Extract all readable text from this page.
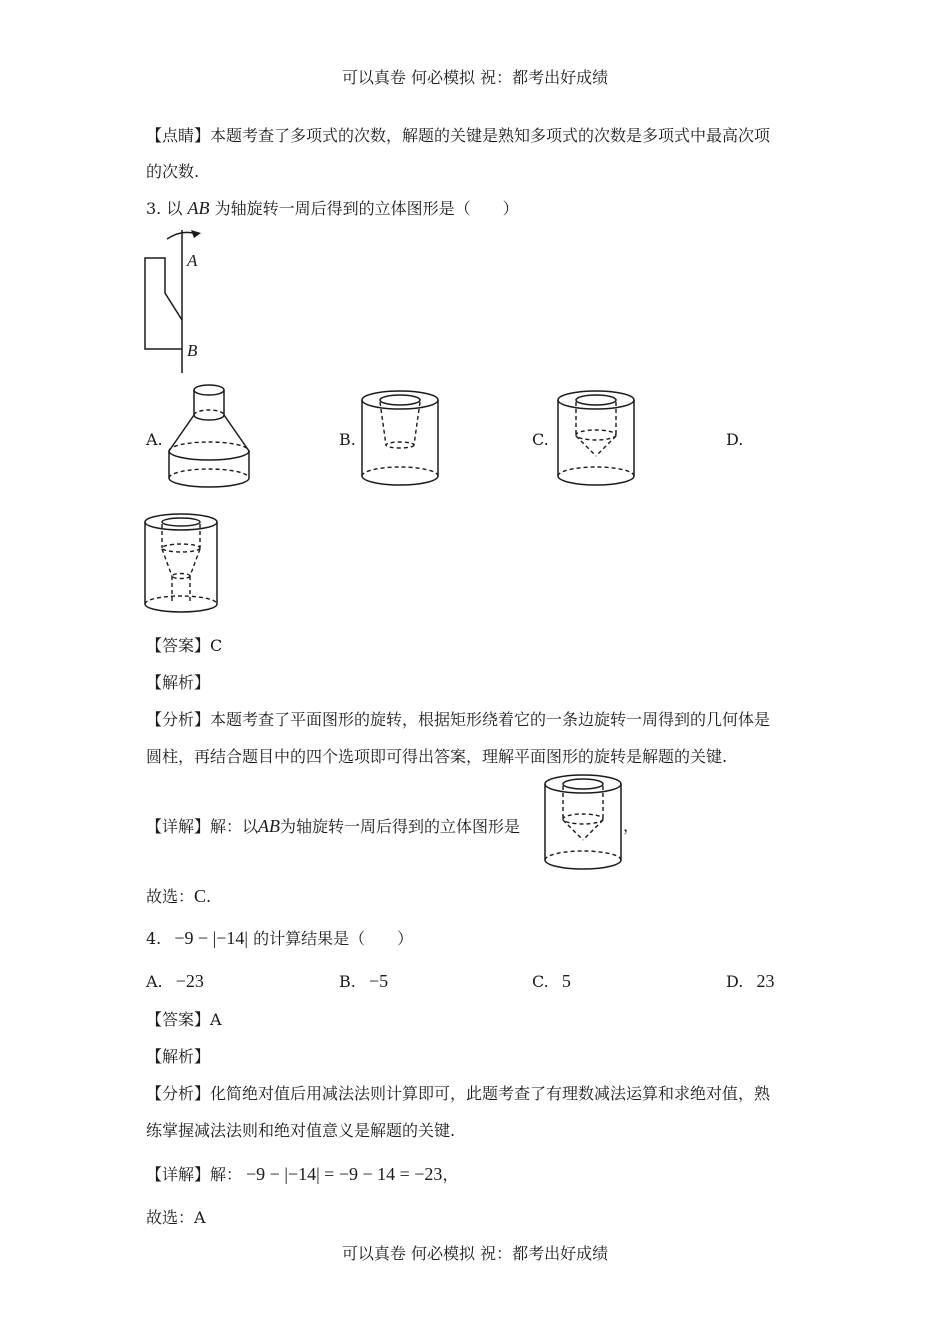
可以真卷 何必模拟 祝：都考出好成绩
【点睛】本题考查了多项式的次数，解题的关键是熟知多项式的次数是多项式中最高次项
的次数.
3. 以 AB 为轴旋转一周后得到的立体图形是（　　）
A
B
A.	B.	C.	D.
【答案】C
【解析】
【分析】本题考查了平面图形的旋转，根据矩形绕着它的一条边旋转一周得到的几何体是
圆柱，再结合题目中的四个选项即可得出答案，理解平面图形的旋转是解题的关键.
【详解】解：以AB为轴旋转一周后得到的立体图形是	，
故选：C.
4. −9 − |−14| 的计算结果是（　　）
A. −23	B. −5	C. 5	D. 23
【答案】A
【解析】
【分析】化简绝对值后用减法法则计算即可，此题考查了有理数减法运算和求绝对值，熟
练掌握减法法则和绝对值意义是解题的关键.
【详解】解： −9 − |−14| = −9 − 14 = −23，
故选：A
可以真卷 何必模拟 祝：都考出好成绩
